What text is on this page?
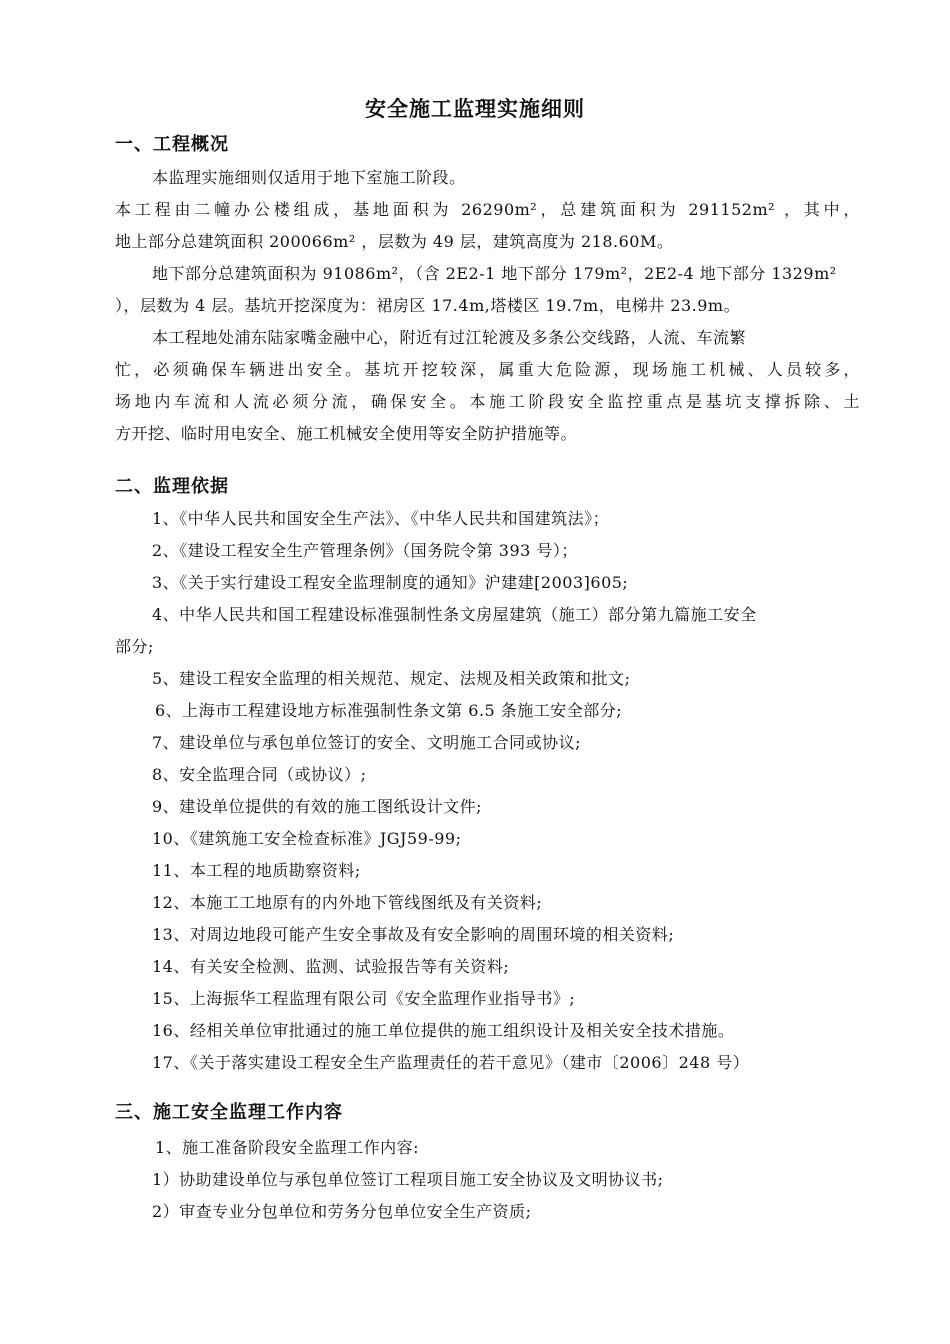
安全施工监理实施细则
一、工程概况
本监理实施细则仅适用于地下室施工阶段。
本工程由二幢办公楼组成，基地面积为 26290m²，总建筑面积为 291152m² ，其中，
地上部分总建筑面积 200066m² ，层数为 49 层，建筑高度为 218.60M。
地下部分总建筑面积为 91086m²，（含 2E2-1 地下部分 179m²，2E2-4 地下部分 1329m²
），层数为 4 层。基坑开挖深度为：裙房区 17.4m,塔楼区 19.7m，电梯井 23.9m。
本工程地处浦东陆家嘴金融中心，附近有过江轮渡及多条公交线路，人流、车流繁
忙，必须确保车辆进出安全。基坑开挖较深，属重大危险源，现场施工机械、人员较多，
场地内车流和人流必须分流，确保安全。本施工阶段安全监控重点是基坑支撑拆除、土
方开挖、临时用电安全、施工机械安全使用等安全防护措施等。
二、监理依据
1、《中华人民共和国安全生产法》、《中华人民共和国建筑法》；
2、《建设工程安全生产管理条例》（国务院令第 393 号）；
3、《关于实行建设工程安全监理制度的通知》沪建建[2003]605;
4、中华人民共和国工程建设标准强制性条文房屋建筑（施工）部分第九篇施工安全
部分;
5、建设工程安全监理的相关规范、规定、法规及相关政策和批文;
6、上海市工程建设地方标准强制性条文第 6.5 条施工安全部分;
7、建设单位与承包单位签订的安全、文明施工合同或协议;
8、安全监理合同（或协议）;
9、建设单位提供的有效的施工图纸设计文件;
10、《建筑施工安全检查标准》JGJ59-99;
11、本工程的地质勘察资料;
12、本施工工地原有的内外地下管线图纸及有关资料;
13、对周边地段可能产生安全事故及有安全影响的周围环境的相关资料;
14、有关安全检测、监测、试验报告等有关资料;
15、上海振华工程监理有限公司《安全监理作业指导书》;
16、经相关单位审批通过的施工单位提供的施工组织设计及相关安全技术措施。
17、《关于落实建设工程安全生产监理责任的若干意见》（建市〔2006〕248 号）
三、施工安全监理工作内容
1、施工准备阶段安全监理工作内容:
1）协助建设单位与承包单位签订工程项目施工安全协议及文明协议书;
2）审查专业分包单位和劳务分包单位安全生产资质;
